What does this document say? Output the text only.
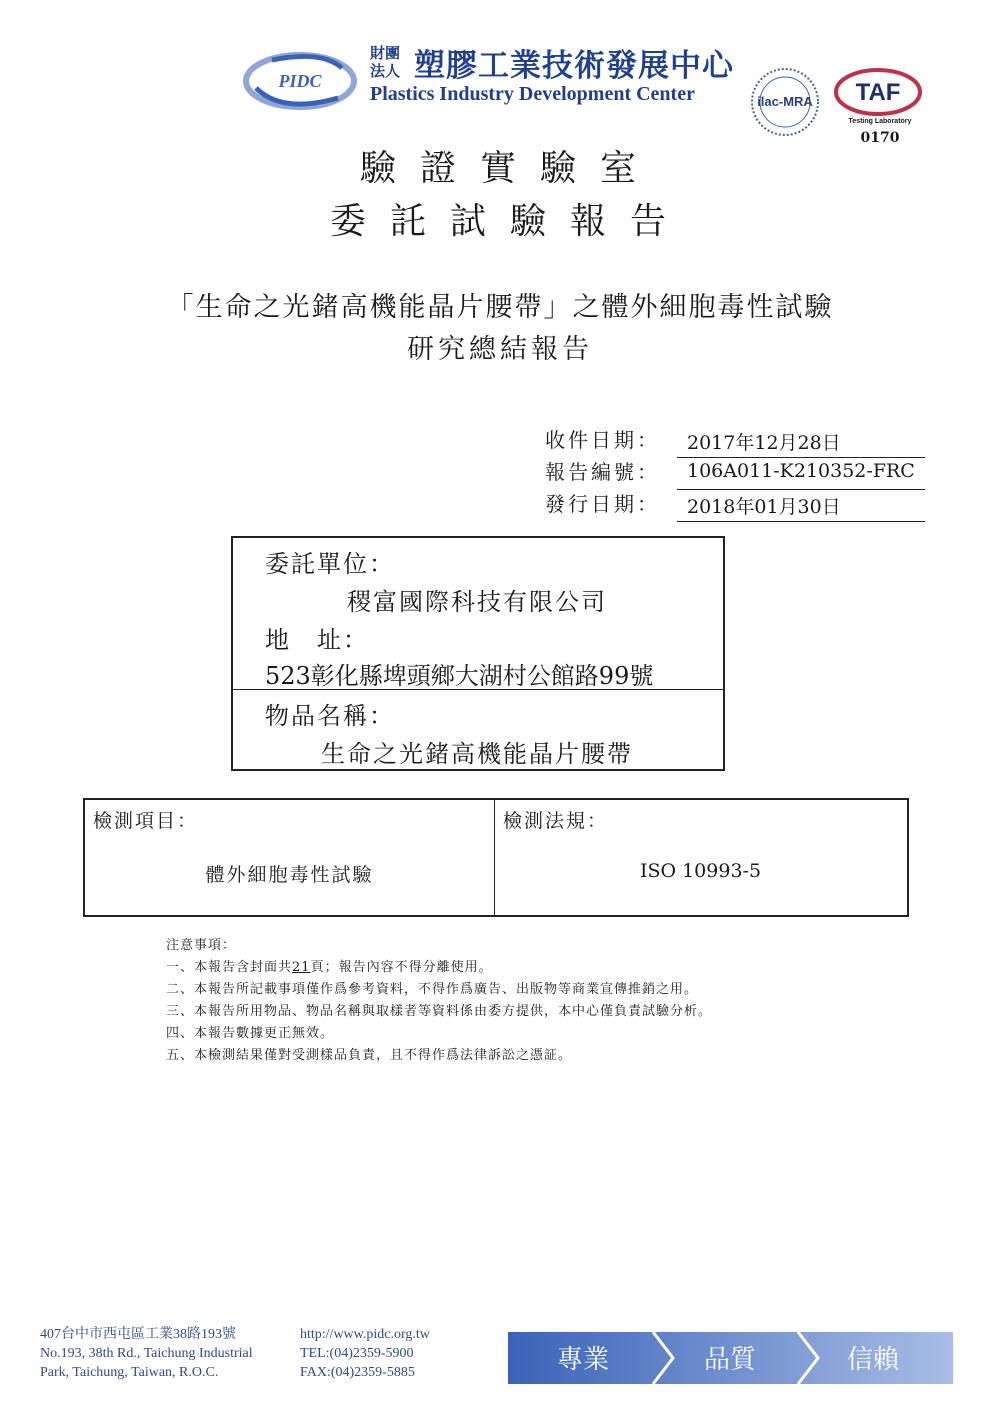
PIDC
財團
法人 塑膠工業技術發展中心
Plastics Industry Development Center	ilac-MRA TAF
Testing Laboratory
0170
驗證實驗室
委託試驗報告
「生命之光鍺高機能晶片腰帶」之體外細胞毒性試驗
研究總結報告
收件日期：	2017年12月28日
報告編號：	106A011-K210352-FRC
發行日期：	2018年01月30日
委託單位：
稷富國際科技有限公司
地　址：
523彰化縣埤頭鄉大湖村公館路99號
物品名稱：
生命之光鍺高機能晶片腰帶
檢測項目：
體外細胞毒性試驗
檢測法規：
ISO 10993-5
注意事項：
一、本報告含封面共21頁；報告內容不得分離使用。
二、本報告所記載事項僅作爲參考資料，不得作爲廣告、出版物等商業宣傳推銷之用。
三、本報告所用物品、物品名稱與取樣者等資料係由委方提供，本中心僅負責試驗分析。
四、本報告數據更正無效。
五、本檢測結果僅對受測樣品負責，且不得作爲法律訴訟之憑証。
407台中市西屯區工業38路193號
No.193, 38th Rd., Taichung Industrial
Park, Taichung, Taiwan, R.O.C.
http://www.pidc.org.tw
TEL:(04)2359-5900
FAX:(04)2359-5885	專業	品質	信賴
